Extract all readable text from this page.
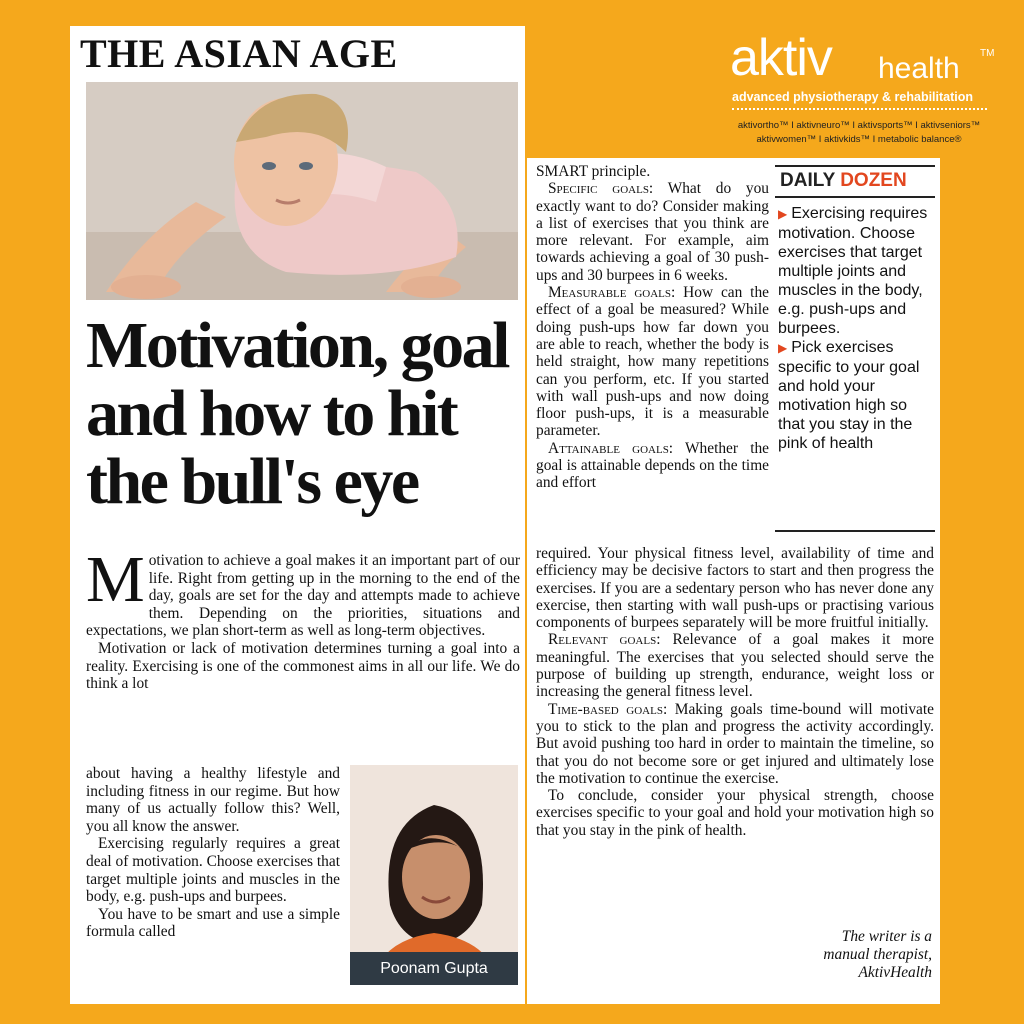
THE ASIAN AGE
Motivation, goal and how to hit the bull's eye

Motivation to achieve a goal makes it an important part of our life. Right from getting up in the morning to the end of the day, goals are set for the day and attempts made to achieve them. Depending on the priorities, situations and expectations, we plan short-term as well as long-term objectives.

Motivation or lack of motivation determines turning a goal into a reality. Exercising is one of the commonest aims in all our life. We do think a lot

about having a healthy lifestyle and including fitness in our regime. But how many of us actually follow this? Well, you all know the answer.

Exercising regularly requires a great deal of motivation. Choose exercises that target multiple joints and muscles in the body, e.g. push-ups and burpees.

You have to be smart and use a simple formula called

Poonam Gupta

SMART principle.

Specific goals: What do you exactly want to do? Consider making a list of exercises that you think are more relevant. For example, aim towards achieving a goal of 30 push-ups and 30 burpees in 6 weeks.

Measurable goals: How can the effect of a goal be measured? While doing push-ups how far down you are able to reach, whether the body is held straight, how many repetitions can you perform, etc. If you started with wall push-ups and now doing floor push-ups, it is a measurable parameter.

Attainable goals: Whether the goal is attainable depends on the time and effort

required. Your physical fitness level, availability of time and efficiency may be decisive factors to start and then progress the exercises. If you are a sedentary person who has never done any exercise, then starting with wall push-ups or practising various components of burpees separately will be more fruitful initially.

Relevant goals: Relevance of a goal makes it more meaningful. The exercises that you selected should serve the purpose of building up strength, endurance, weight loss or increasing the general fitness level.

Time-based goals: Making goals time-bound will motivate you to stick to the plan and progress the activity accordingly. But avoid pushing too hard in order to maintain the timeline, so that you do not become sore or get injured and ultimately lose the motivation to continue the exercise.

To conclude, consider your physical strength, choose exercises specific to your goal and hold your motivation high so that you stay in the pink of health.

The writer is a
manual therapist,
AktivHealth
DAILY DOZEN

▶ Exercising requires motivation. Choose exercises that target multiple joints and muscles in the body, e.g. push-ups and burpees.

▶ Pick exercises specific to your goal and hold your motivation high so that you stay in the pink of health

aktiv health TM
advanced physiotherapy & rehabilitation
aktivortho™ I aktivneuro™ I aktivsports™ I aktivseniors™
aktivwomen™ I aktivkids™ I metabolic balance®
